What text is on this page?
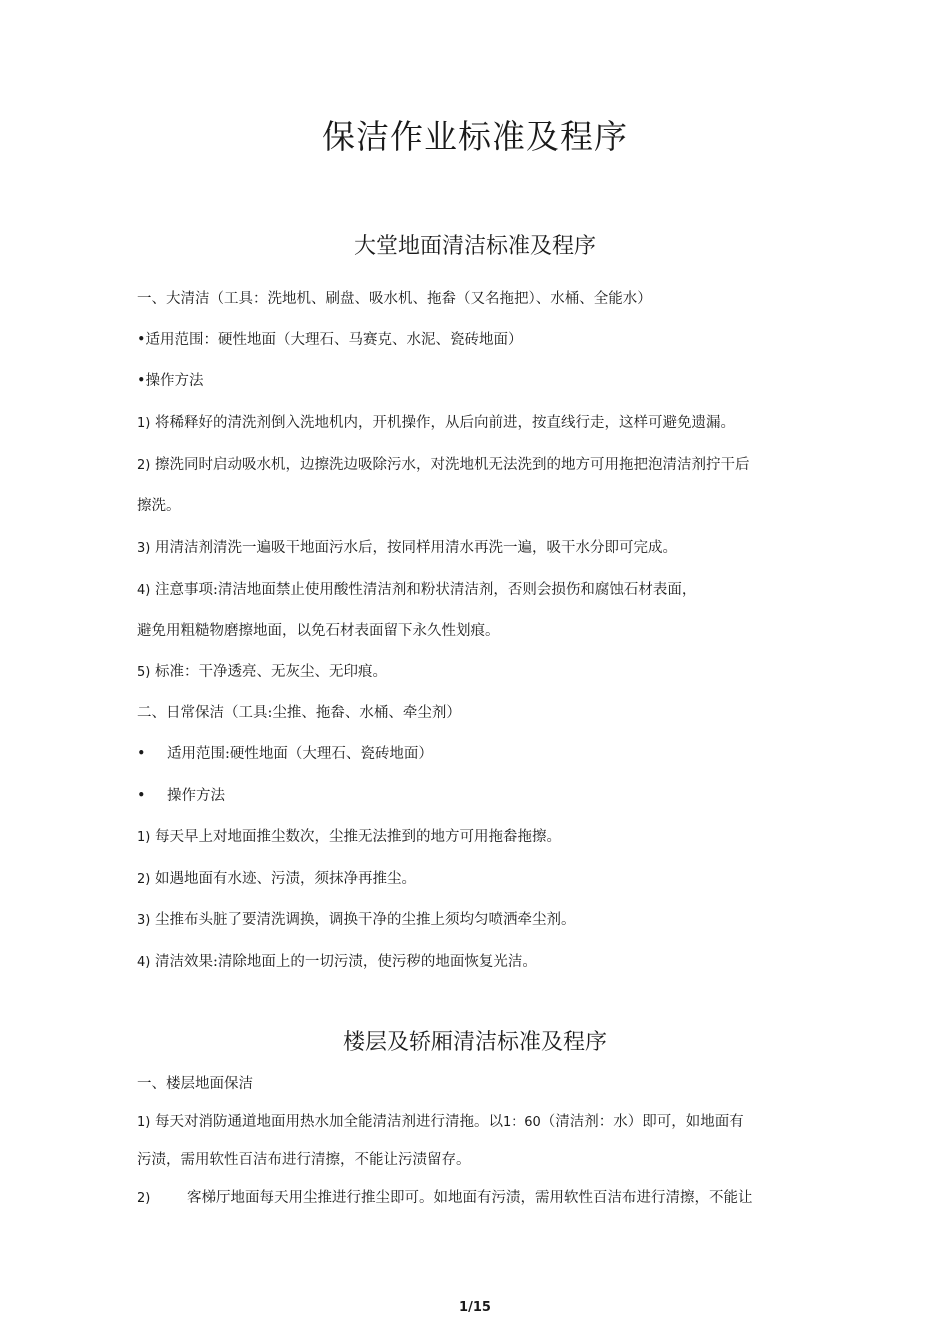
保洁作业标准及程序
大堂地面清洁标准及程序
一、大清洁（工具：洗地机、刷盘、吸水机、拖畚（又名拖把）、水桶、全能水）
•适用范围：硬性地面（大理石、马赛克、水泥、瓷砖地面）
•操作方法
1) 将稀释好的清洗剂倒入洗地机内，开机操作，从后向前进，按直线行走，这样可避免遗漏。
2) 擦洗同时启动吸水机，边擦洗边吸除污水，对洗地机无法洗到的地方可用拖把泡清洁剂拧干后
擦洗。
3) 用清洁剂清洗一遍吸干地面污水后，按同样用清水再洗一遍，吸干水分即可完成。
4) 注意事项:清洁地面禁止使用酸性清洁剂和粉状清洁剂，否则会损伤和腐蚀石材表面，
避免用粗糙物磨擦地面，以免石材表面留下永久性划痕。
5) 标准：干净透亮、无灰尘、无印痕。
二、日常保洁（工具:尘推、拖畚、水桶、牵尘剂）
• 适用范围:硬性地面（大理石、瓷砖地面）
• 操作方法
1) 每天早上对地面推尘数次，尘推无法推到的地方可用拖畚拖擦。
2) 如遇地面有水迹、污渍，须抹净再推尘。
3) 尘推布头脏了要清洗调换，调换干净的尘推上须均匀喷洒牵尘剂。
4) 清洁效果:清除地面上的一切污渍，使污秽的地面恢复光洁。
楼层及轿厢清洁标准及程序
一、楼层地面保洁
1) 每天对消防通道地面用热水加全能清洁剂进行清拖。以1：60（清洁剂：水）即可，如地面有
污渍，需用软性百洁布进行清擦，不能让污渍留存。
2)	客梯厅地面每天用尘推进行推尘即可。如地面有污渍，需用软性百洁布进行清擦，不能让
1/15
